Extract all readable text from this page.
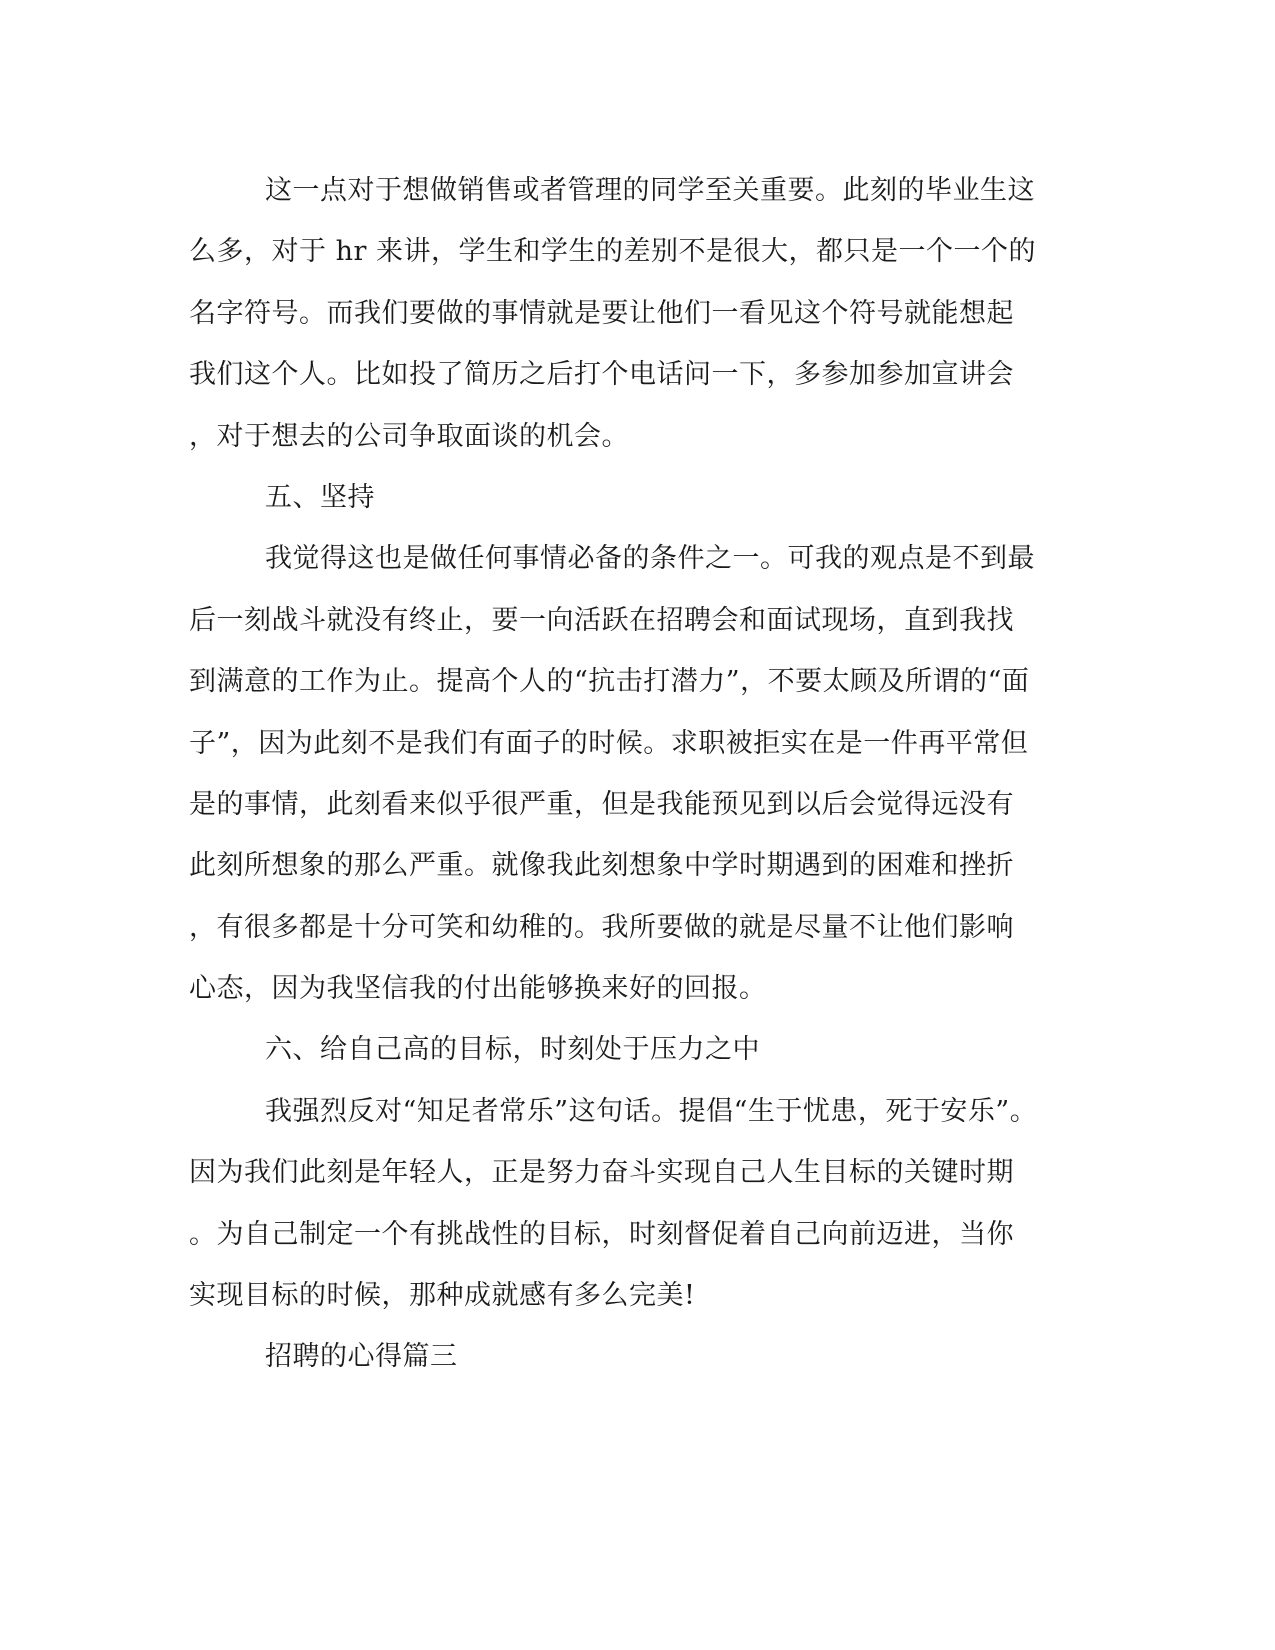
这一点对于想做销售或者管理的同学至关重要。此刻的毕业生这
么多，对于 hr 来讲，学生和学生的差别不是很大，都只是一个一个的
名字符号。而我们要做的事情就是要让他们一看见这个符号就能想起
我们这个人。比如投了简历之后打个电话问一下，多参加参加宣讲会
，对于想去的公司争取面谈的机会。
五、坚持
我觉得这也是做任何事情必备的条件之一。可我的观点是不到最
后一刻战斗就没有终止，要一向活跃在招聘会和面试现场，直到我找
到满意的工作为止。提高个人的“抗击打潜力”，不要太顾及所谓的“面
子”，因为此刻不是我们有面子的时候。求职被拒实在是一件再平常但
是的事情，此刻看来似乎很严重，但是我能预见到以后会觉得远没有
此刻所想象的那么严重。就像我此刻想象中学时期遇到的困难和挫折
，有很多都是十分可笑和幼稚的。我所要做的就是尽量不让他们影响
心态，因为我坚信我的付出能够换来好的回报。
六、给自己高的目标，时刻处于压力之中
我强烈反对“知足者常乐”这句话。提倡“生于忧患，死于安乐”。
因为我们此刻是年轻人，正是努力奋斗实现自己人生目标的关键时期
。为自己制定一个有挑战性的目标，时刻督促着自己向前迈进，当你
实现目标的时候，那种成就感有多么完美!
招聘的心得篇三
